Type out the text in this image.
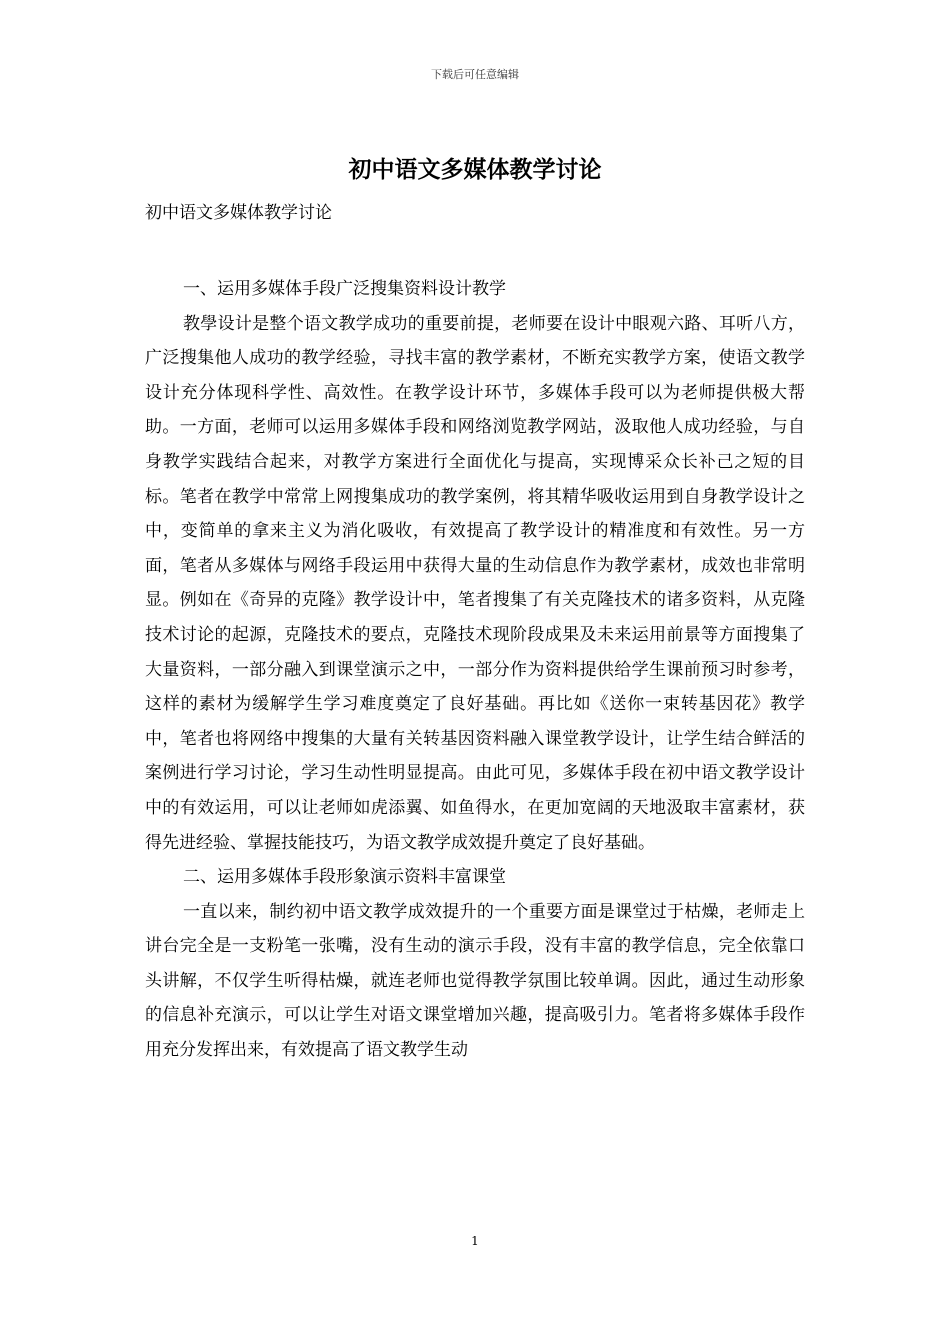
下载后可任意编辑
初中语文多媒体教学讨论
初中语文多媒体教学讨论

一、运用多媒体手段广泛搜集资料设计教学

教學设计是整个语文教学成功的重要前提，老师要在设计中眼观六路、耳听八方，广泛搜集他人成功的教学经验，寻找丰富的教学素材，不断充实教学方案，使语文教学设计充分体现科学性、高效性。在教学设计环节，多媒体手段可以为老师提供极大帮助。一方面，老师可以运用多媒体手段和网络浏览教学网站，汲取他人成功经验，与自身教学实践结合起来，对教学方案进行全面优化与提高，实现博采众长补己之短的目标。笔者在教学中常常上网搜集成功的教学案例，将其精华吸收运用到自身教学设计之中，变简单的拿来主义为消化吸收，有效提高了教学设计的精准度和有效性。另一方面，笔者从多媒体与网络手段运用中获得大量的生动信息作为教学素材，成效也非常明显。例如在《奇异的克隆》教学设计中，笔者搜集了有关克隆技术的诸多资料，从克隆技术讨论的起源，克隆技术的要点，克隆技术现阶段成果及未来运用前景等方面搜集了大量资料，一部分融入到课堂演示之中，一部分作为资料提供给学生课前预习时参考，这样的素材为缓解学生学习难度奠定了良好基础。再比如《送你一束转基因花》教学中，笔者也将网络中搜集的大量有关转基因资料融入课堂教学设计，让学生结合鲜活的案例进行学习讨论，学习生动性明显提高。由此可见，多媒体手段在初中语文教学设计中的有效运用，可以让老师如虎添翼、如鱼得水，在更加宽阔的天地汲取丰富素材，获得先进经验、掌握技能技巧，为语文教学成效提升奠定了良好基础。

二、运用多媒体手段形象演示资料丰富课堂

一直以来，制约初中语文教学成效提升的一个重要方面是课堂过于枯燥，老师走上讲台完全是一支粉笔一张嘴，没有生动的演示手段，没有丰富的教学信息，完全依靠口头讲解，不仅学生听得枯燥，就连老师也觉得教学氛围比较单调。因此，通过生动形象的信息补充演示，可以让学生对语文课堂增加兴趣，提高吸引力。笔者将多媒体手段作用充分发挥出来，有效提高了语文教学生动

1
